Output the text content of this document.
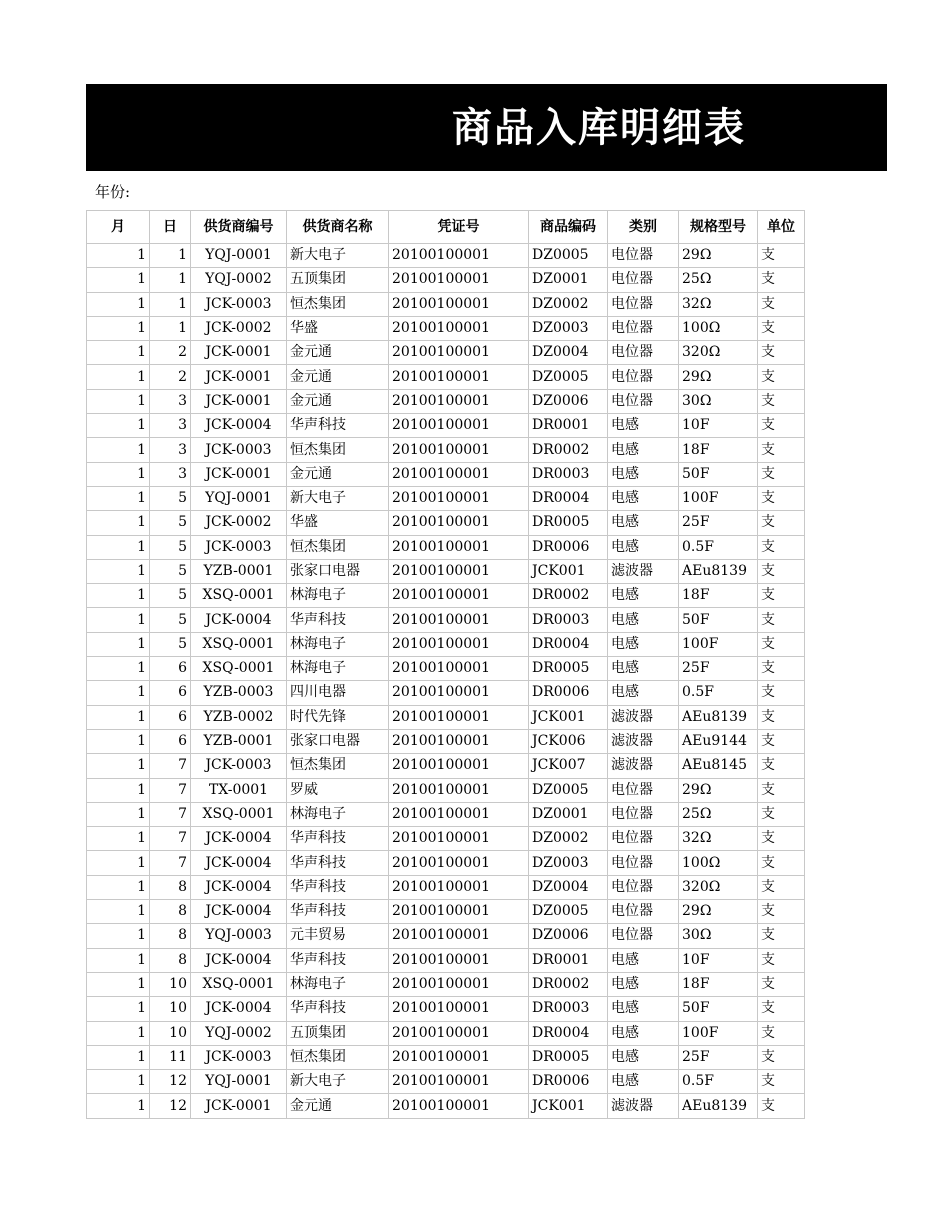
商品入库明细表
年份:
月	日	供货商编号	供货商名称	凭证号	商品编码	类别	规格型号	单位
1	1	YQJ-0001	新大电子	20100100001	DZ0005	电位器	29Ω	支
1	1	YQJ-0002	五顶集团	20100100001	DZ0001	电位器	25Ω	支
1	1	JCK-0003	恒杰集团	20100100001	DZ0002	电位器	32Ω	支
1	1	JCK-0002	华盛	20100100001	DZ0003	电位器	100Ω	支
1	2	JCK-0001	金元通	20100100001	DZ0004	电位器	320Ω	支
1	2	JCK-0001	金元通	20100100001	DZ0005	电位器	29Ω	支
1	3	JCK-0001	金元通	20100100001	DZ0006	电位器	30Ω	支
1	3	JCK-0004	华声科技	20100100001	DR0001	电感	10F	支
1	3	JCK-0003	恒杰集团	20100100001	DR0002	电感	18F	支
1	3	JCK-0001	金元通	20100100001	DR0003	电感	50F	支
1	5	YQJ-0001	新大电子	20100100001	DR0004	电感	100F	支
1	5	JCK-0002	华盛	20100100001	DR0005	电感	25F	支
1	5	JCK-0003	恒杰集团	20100100001	DR0006	电感	0.5F	支
1	5	YZB-0001	张家口电器	20100100001	JCK001	滤波器	AEu8139	支
1	5	XSQ-0001	林海电子	20100100001	DR0002	电感	18F	支
1	5	JCK-0004	华声科技	20100100001	DR0003	电感	50F	支
1	5	XSQ-0001	林海电子	20100100001	DR0004	电感	100F	支
1	6	XSQ-0001	林海电子	20100100001	DR0005	电感	25F	支
1	6	YZB-0003	四川电器	20100100001	DR0006	电感	0.5F	支
1	6	YZB-0002	时代先锋	20100100001	JCK001	滤波器	AEu8139	支
1	6	YZB-0001	张家口电器	20100100001	JCK006	滤波器	AEu9144	支
1	7	JCK-0003	恒杰集团	20100100001	JCK007	滤波器	AEu8145	支
1	7	TX-0001	罗威	20100100001	DZ0005	电位器	29Ω	支
1	7	XSQ-0001	林海电子	20100100001	DZ0001	电位器	25Ω	支
1	7	JCK-0004	华声科技	20100100001	DZ0002	电位器	32Ω	支
1	7	JCK-0004	华声科技	20100100001	DZ0003	电位器	100Ω	支
1	8	JCK-0004	华声科技	20100100001	DZ0004	电位器	320Ω	支
1	8	JCK-0004	华声科技	20100100001	DZ0005	电位器	29Ω	支
1	8	YQJ-0003	元丰贸易	20100100001	DZ0006	电位器	30Ω	支
1	8	JCK-0004	华声科技	20100100001	DR0001	电感	10F	支
1	10	XSQ-0001	林海电子	20100100001	DR0002	电感	18F	支
1	10	JCK-0004	华声科技	20100100001	DR0003	电感	50F	支
1	10	YQJ-0002	五顶集团	20100100001	DR0004	电感	100F	支
1	11	JCK-0003	恒杰集团	20100100001	DR0005	电感	25F	支
1	12	YQJ-0001	新大电子	20100100001	DR0006	电感	0.5F	支
1	12	JCK-0001	金元通	20100100001	JCK001	滤波器	AEu8139	支
